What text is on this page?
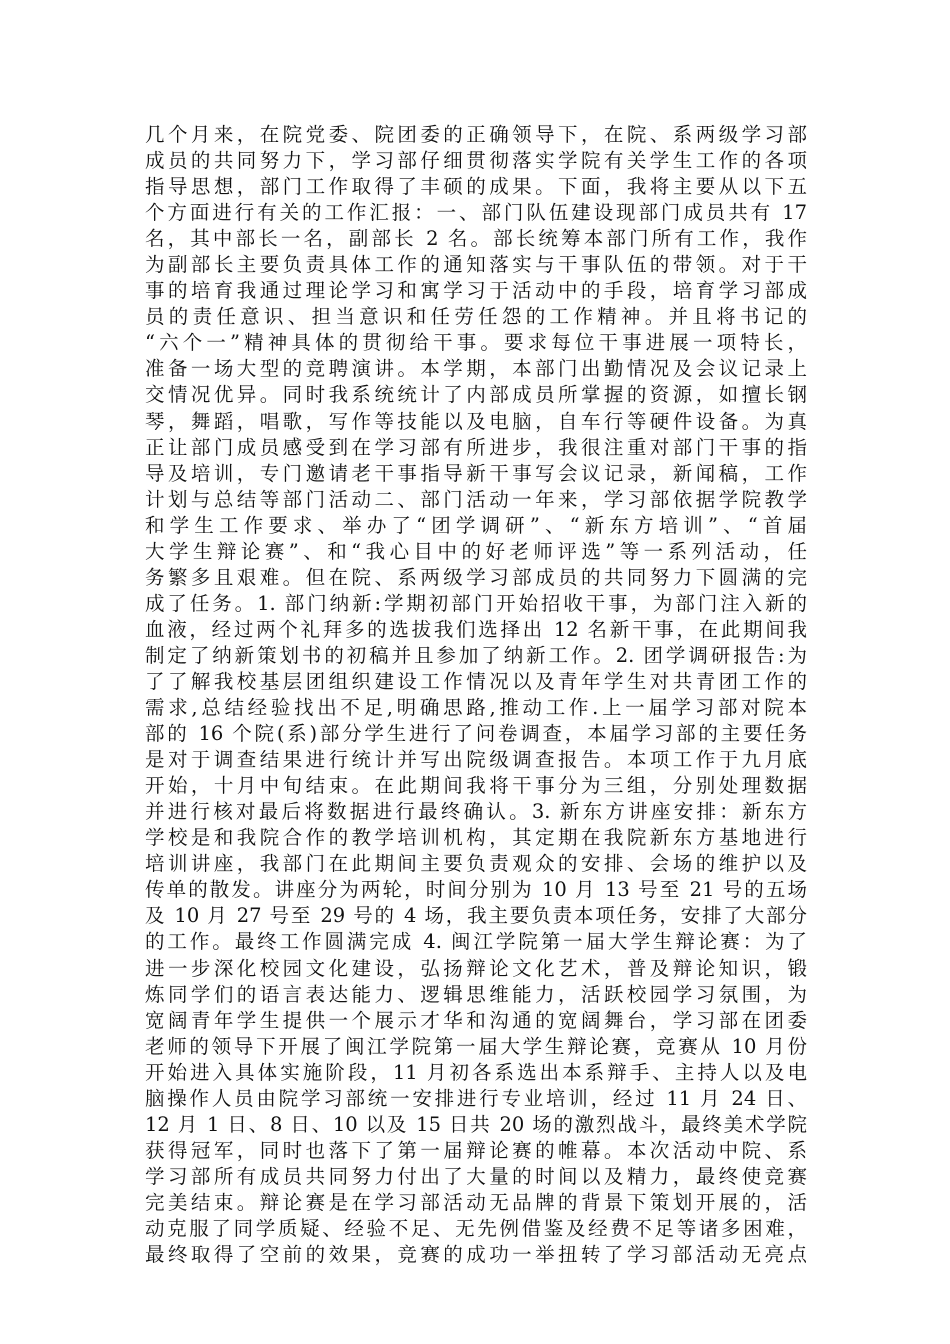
几个月来，在院党委、院团委的正确领导下，在院、系两级学习部
成员的共同努力下，学习部仔细贯彻落实学院有关学生工作的各项
指导思想，部门工作取得了丰硕的成果。下面，我将主要从以下五
个方面进行有关的工作汇报：一、部门队伍建设现部门成员共有 17
名，其中部长一名，副部长 2 名。部长统筹本部门所有工作，我作
为副部长主要负责具体工作的通知落实与干事队伍的带领。对于干
事的培育我通过理论学习和寓学习于活动中的手段，培育学习部成
员的责任意识、担当意识和任劳任怨的工作精神。并且将书记的
“六个一”精神具体的贯彻给干事。要求每位干事进展一项特长，
准备一场大型的竞聘演讲。本学期，本部门出勤情况及会议记录上
交情况优异。同时我系统统计了内部成员所掌握的资源，如擅长钢
琴，舞蹈，唱歌，写作等技能以及电脑，自车行等硬件设备。为真
正让部门成员感受到在学习部有所进步，我很注重对部门干事的指
导及培训，专门邀请老干事指导新干事写会议记录，新闻稿，工作
计划与总结等部门活动二、部门活动一年来，学习部依据学院教学
和学生工作要求、举办了“团学调研”、“新东方培训”、“首届
大学生辩论赛”、和“我心目中的好老师评选”等一系列活动，任
务繁多且艰难。但在院、系两级学习部成员的共同努力下圆满的完
成了任务。1. 部门纳新:学期初部门开始招收干事，为部门注入新的
血液，经过两个礼拜多的选拔我们选择出 12 名新干事，在此期间我
制定了纳新策划书的初稿并且参加了纳新工作。2. 团学调研报告:为
了了解我校基层团组织建设工作情况以及青年学生对共青团工作的
需求,总结经验找出不足,明确思路,推动工作.上一届学习部对院本
部的 16 个院(系)部分学生进行了问卷调查，本届学习部的主要任务
是对于调查结果进行统计并写出院级调查报告。本项工作于九月底
开始，十月中旬结束。在此期间我将干事分为三组，分别处理数据
并进行核对最后将数据进行最终确认。3. 新东方讲座安排：新东方
学校是和我院合作的教学培训机构，其定期在我院新东方基地进行
培训讲座，我部门在此期间主要负责观众的安排、会场的维护以及
传单的散发。讲座分为两轮，时间分别为 10 月 13 号至 21 号的五场
及 10 月 27 号至 29 号的 4 场，我主要负责本项任务，安排了大部分
的工作。最终工作圆满完成 4. 闽江学院第一届大学生辩论赛：为了
进一步深化校园文化建设，弘扬辩论文化艺术，普及辩论知识，锻
炼同学们的语言表达能力、逻辑思维能力，活跃校园学习氛围，为
宽阔青年学生提供一个展示才华和沟通的宽阔舞台，学习部在团委
老师的领导下开展了闽江学院第一届大学生辩论赛，竞赛从 10 月份
开始进入具体实施阶段，11 月初各系选出本系辩手、主持人以及电
脑操作人员由院学习部统一安排进行专业培训，经过 11 月 24 日、
12 月 1 日、8 日、10 以及 15 日共 20 场的激烈战斗，最终美术学院
获得冠军，同时也落下了第一届辩论赛的帷幕。本次活动中院、系
学习部所有成员共同努力付出了大量的时间以及精力，最终使竞赛
完美结束。辩论赛是在学习部活动无品牌的背景下策划开展的，活
动克服了同学质疑、经验不足、无先例借鉴及经费不足等诸多困难，
最终取得了空前的效果，竞赛的成功一举扭转了学习部活动无亮点
